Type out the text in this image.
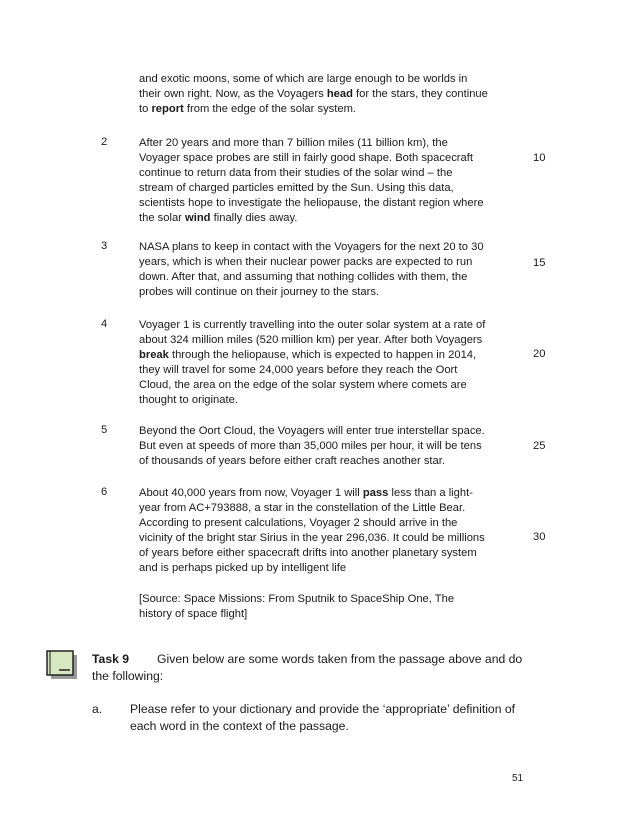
and exotic moons, some of which are large enough to be worlds in
their own right. Now, as the Voyagers head for the stars, they continue
to report from the edge of the solar system.
2
10
After 20 years and more than 7 billion miles (11 billion km), the
Voyager space probes are still in fairly good shape. Both spacecraft
continue to return data from their studies of the solar wind – the
stream of charged particles emitted by the Sun. Using this data,
scientists hope to investigate the heliopause, the distant region where
the solar wind finally dies away.
3
15
NASA plans to keep in contact with the Voyagers for the next 20 to 30
years, which is when their nuclear power packs are expected to run
down. After that, and assuming that nothing collides with them, the
probes will continue on their journey to the stars.
4
20
Voyager 1 is currently travelling into the outer solar system at a rate of
about 324 million miles (520 million km) per year. After both Voyagers
break through the heliopause, which is expected to happen in 2014,
they will travel for some 24,000 years before they reach the Oort
Cloud, the area on the edge of the solar system where comets are
thought to originate.
5
25
Beyond the Oort Cloud, the Voyagers will enter true interstellar space.
But even at speeds of more than 35,000 miles per hour, it will be tens
of thousands of years before either craft reaches another star.
6
30
About 40,000 years from now, Voyager 1 will pass less than a light-
year from AC+793888, a star in the constellation of the Little Bear.
According to present calculations, Voyager 2 should arrive in the
vicinity of the bright star Sirius in the year 296,036. It could be millions
of years before either spacecraft drifts into another planetary system
and is perhaps picked up by intelligent life
[Source: Space Missions: From Sputnik to SpaceShip One, The
history of space flight]
Task 9 Given below are some words taken from the passage above and do
the following:
a. Please refer to your dictionary and provide the ‘appropriate’ definition of
each word in the context of the passage.
51
